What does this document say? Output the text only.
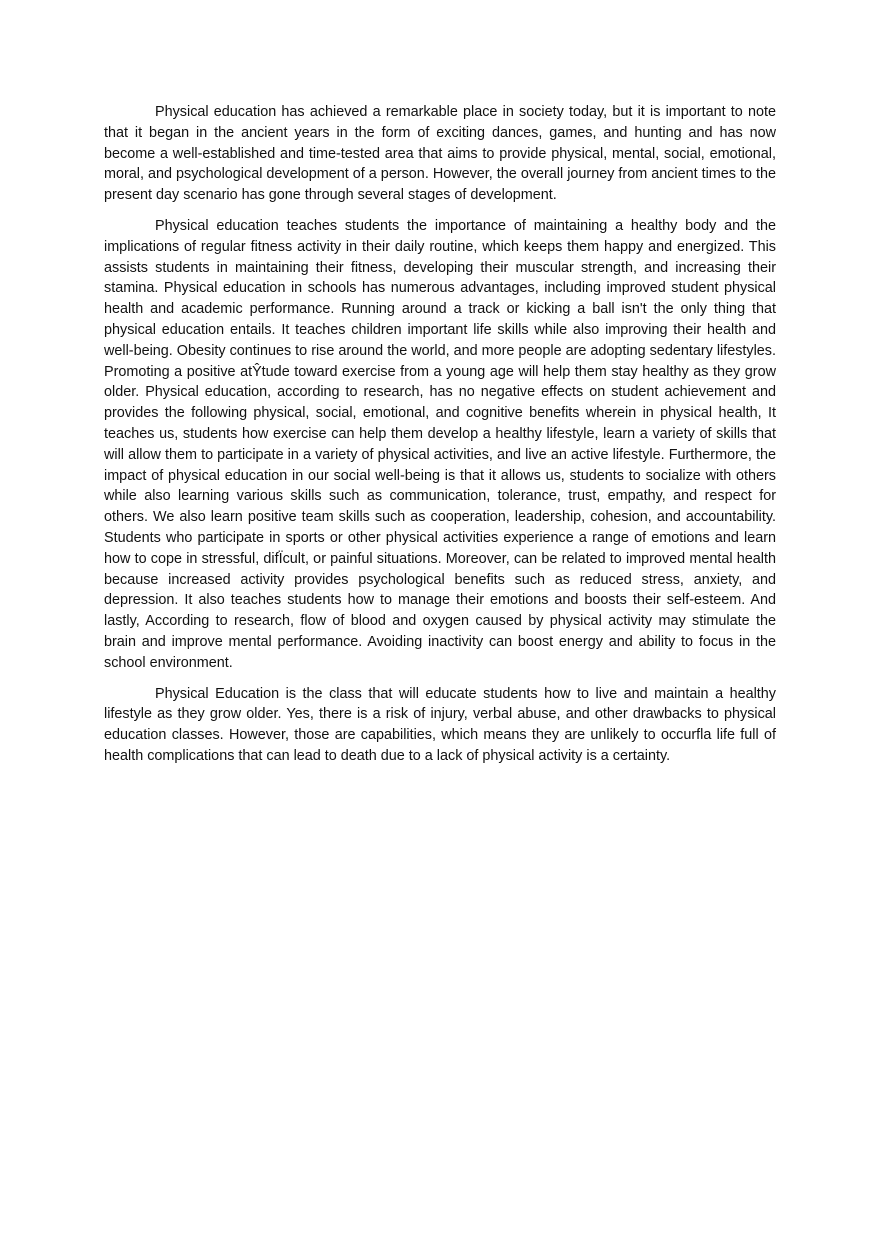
Physical education has achieved a remarkable place in society today, but it is important to note that it began in the ancient years in the form of exciting dances, games, and hunting and has now become a well-established and time-tested area that aims to provide physical, mental, social, emotional, moral, and psychological development of a person. However, the overall journey from ancient times to the present day scenario has gone through several stages of development.

Physical education teaches students the importance of maintaining a healthy body and the implications of regular fitness activity in their daily routine, which keeps them happy and energized. This assists students in maintaining their fitness, developing their muscular strength, and increasing their stamina. Physical education in schools has numerous advantages, including improved student physical health and academic performance. Running around a track or kicking a ball isn't the only thing that physical education entails. It teaches children important life skills while also improving their health and well-being. Obesity continues to rise around the world, and more people are adopting sedentary lifestyles. Promoting a positive atŶtude toward exercise from a young age will help them stay healthy as they grow older. Physical education, according to research, has no negative effects on student achievement and provides the following physical, social, emotional, and cognitive benefits wherein in physical health, It teaches us, students how exercise can help them develop a healthy lifestyle, learn a variety of skills that will allow them to participate in a variety of physical activities, and live an active lifestyle. Furthermore, the impact of physical education in our social well-being is that it allows us, students to socialize with others while also learning various skills such as communication, tolerance, trust, empathy, and respect for others. We also learn positive team skills such as cooperation, leadership, cohesion, and accountability. Students who participate in sports or other physical activities experience a range of emotions and learn how to cope in stressful, difÏcult, or painful situations. Moreover, can be related to improved mental health because increased activity provides psychological benefits such as reduced stress, anxiety, and depression. It also teaches students how to manage their emotions and boosts their self-esteem. And lastly, According to research, flow of blood and oxygen caused by physical activity may stimulate the brain and improve mental performance. Avoiding inactivity can boost energy and ability to focus in the school environment.

Physical Education is the class that will educate students how to live and maintain a healthy lifestyle as they grow older. Yes, there is a risk of injury, verbal abuse, and other drawbacks to physical education classes. However, those are capabilities, which means they are unlikely to occurﬂa life full of health complications that can lead to death due to a lack of physical activity is a certainty.
